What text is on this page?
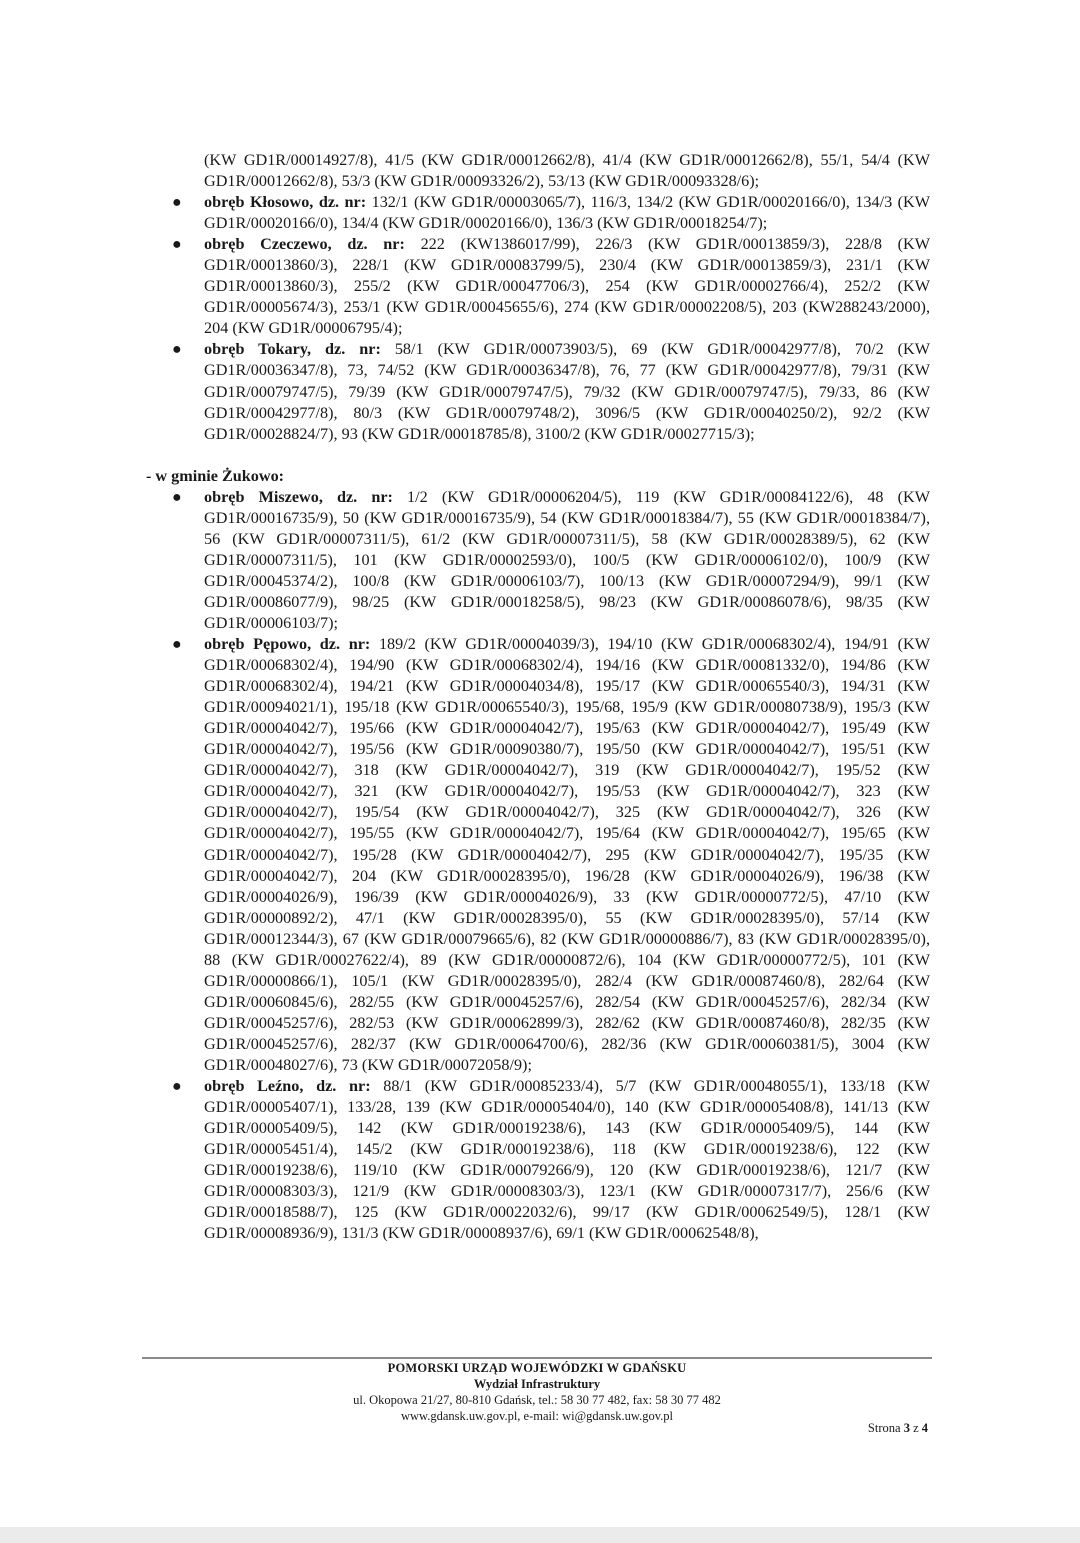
(KW GD1R/00014927/8), 41/5 (KW GD1R/00012662/8), 41/4 (KW GD1R/00012662/8), 55/1, 54/4 (KW GD1R/00012662/8), 53/3 (KW GD1R/00093326/2), 53/13 (KW GD1R/00093328/6);
● obręb Kłosowo, dz. nr: 132/1 (KW GD1R/00003065/7), 116/3, 134/2 (KW GD1R/00020166/0), 134/3 (KW GD1R/00020166/0), 134/4 (KW GD1R/00020166/0), 136/3 (KW GD1R/00018254/7);
● obręb Czeczewo, dz. nr: 222 (KW1386017/99), 226/3 (KW GD1R/00013859/3), 228/8 (KW GD1R/00013860/3), 228/1 (KW GD1R/00083799/5), 230/4 (KW GD1R/00013859/3), 231/1 (KW GD1R/00013860/3), 255/2 (KW GD1R/00047706/3), 254 (KW GD1R/00002766/4), 252/2 (KW GD1R/00005674/3), 253/1 (KW GD1R/00045655/6), 274 (KW GD1R/00002208/5), 203 (KW288243/2000), 204 (KW GD1R/00006795/4);
● obręb Tokary, dz. nr: 58/1 (KW GD1R/00073903/5), 69 (KW GD1R/00042977/8), 70/2 (KW GD1R/00036347/8), 73, 74/52 (KW GD1R/00036347/8), 76, 77 (KW GD1R/00042977/8), 79/31 (KW GD1R/00079747/5), 79/39 (KW GD1R/00079747/5), 79/32 (KW GD1R/00079747/5), 79/33, 86 (KW GD1R/00042977/8), 80/3 (KW GD1R/00079748/2), 3096/5 (KW GD1R/00040250/2), 92/2 (KW GD1R/00028824/7), 93 (KW GD1R/00018785/8), 3100/2 (KW GD1R/00027715/3);
- w gminie Żukowo:
● obręb Miszewo, dz. nr: 1/2 (KW GD1R/00006204/5), 119 (KW GD1R/00084122/6), 48 (KW GD1R/00016735/9), 50 (KW GD1R/00016735/9), 54 (KW GD1R/00018384/7), 55 (KW GD1R/00018384/7), 56 (KW GD1R/00007311/5), 61/2 (KW GD1R/00007311/5), 58 (KW GD1R/00028389/5), 62 (KW GD1R/00007311/5), 101 (KW GD1R/00002593/0), 100/5 (KW GD1R/00006102/0), 100/9 (KW GD1R/00045374/2), 100/8 (KW GD1R/00006103/7), 100/13 (KW GD1R/00007294/9), 99/1 (KW GD1R/00086077/9), 98/25 (KW GD1R/00018258/5), 98/23 (KW GD1R/00086078/6), 98/35 (KW GD1R/00006103/7);
● obręb Pępowo, dz. nr: 189/2 (KW GD1R/00004039/3), 194/10 (KW GD1R/00068302/4), 194/91 (KW GD1R/00068302/4), 194/90 (KW GD1R/00068302/4), 194/16 (KW GD1R/00081332/0), 194/86 (KW GD1R/00068302/4), 194/21 (KW GD1R/00004034/8), 195/17 (KW GD1R/00065540/3), 194/31 (KW GD1R/00094021/1), 195/18 (KW GD1R/00065540/3), 195/68, 195/9 (KW GD1R/00080738/9), 195/3 (KW GD1R/00004042/7), 195/66 (KW GD1R/00004042/7), 195/63 (KW GD1R/00004042/7), 195/49 (KW GD1R/00004042/7), 195/56 (KW GD1R/00090380/7), 195/50 (KW GD1R/00004042/7), 195/51 (KW GD1R/00004042/7), 318 (KW GD1R/00004042/7), 319 (KW GD1R/00004042/7), 195/52 (KW GD1R/00004042/7), 321 (KW GD1R/00004042/7), 195/53 (KW GD1R/00004042/7), 323 (KW GD1R/00004042/7), 195/54 (KW GD1R/00004042/7), 325 (KW GD1R/00004042/7), 326 (KW GD1R/00004042/7), 195/55 (KW GD1R/00004042/7), 195/64 (KW GD1R/00004042/7), 195/65 (KW GD1R/00004042/7), 195/28 (KW GD1R/00004042/7), 295 (KW GD1R/00004042/7), 195/35 (KW GD1R/00004042/7), 204 (KW GD1R/00028395/0), 196/28 (KW GD1R/00004026/9), 196/38 (KW GD1R/00004026/9), 196/39 (KW GD1R/00004026/9), 33 (KW GD1R/00000772/5), 47/10 (KW GD1R/00000892/2), 47/1 (KW GD1R/00028395/0), 55 (KW GD1R/00028395/0), 57/14 (KW GD1R/00012344/3), 67 (KW GD1R/00079665/6), 82 (KW GD1R/00000886/7), 83 (KW GD1R/00028395/0), 88 (KW GD1R/00027622/4), 89 (KW GD1R/00000872/6), 104 (KW GD1R/00000772/5), 101 (KW GD1R/00000866/1), 105/1 (KW GD1R/00028395/0), 282/4 (KW GD1R/00087460/8), 282/64 (KW GD1R/00060845/6), 282/55 (KW GD1R/00045257/6), 282/54 (KW GD1R/00045257/6), 282/34 (KW GD1R/00045257/6), 282/53 (KW GD1R/00062899/3), 282/62 (KW GD1R/00087460/8), 282/35 (KW GD1R/00045257/6), 282/37 (KW GD1R/00064700/6), 282/36 (KW GD1R/00060381/5), 3004 (KW GD1R/00048027/6), 73 (KW GD1R/00072058/9);
● obręb Leźno, dz. nr: 88/1 (KW GD1R/00085233/4), 5/7 (KW GD1R/00048055/1), 133/18 (KW GD1R/00005407/1), 133/28, 139 (KW GD1R/00005404/0), 140 (KW GD1R/00005408/8), 141/13 (KW GD1R/00005409/5), 142 (KW GD1R/00019238/6), 143 (KW GD1R/00005409/5), 144 (KW GD1R/00005451/4), 145/2 (KW GD1R/00019238/6), 118 (KW GD1R/00019238/6), 122 (KW GD1R/00019238/6), 119/10 (KW GD1R/00079266/9), 120 (KW GD1R/00019238/6), 121/7 (KW GD1R/00008303/3), 121/9 (KW GD1R/00008303/3), 123/1 (KW GD1R/00007317/7), 256/6 (KW GD1R/00018588/7), 125 (KW GD1R/00022032/6), 99/17 (KW GD1R/00062549/5), 128/1 (KW GD1R/00008936/9), 131/3 (KW GD1R/00008937/6), 69/1 (KW GD1R/00062548/8),
POMORSKI URZĄD WOJEWÓDZKI W GDAŃSKU
Wydział Infrastruktury
ul. Okopowa 21/27, 80-810 Gdańsk, tel.: 58 30 77 482, fax: 58 30 77 482
www.gdansk.uw.gov.pl, e-mail: wi@gdansk.uw.gov.pl
Strona 3 z 4
